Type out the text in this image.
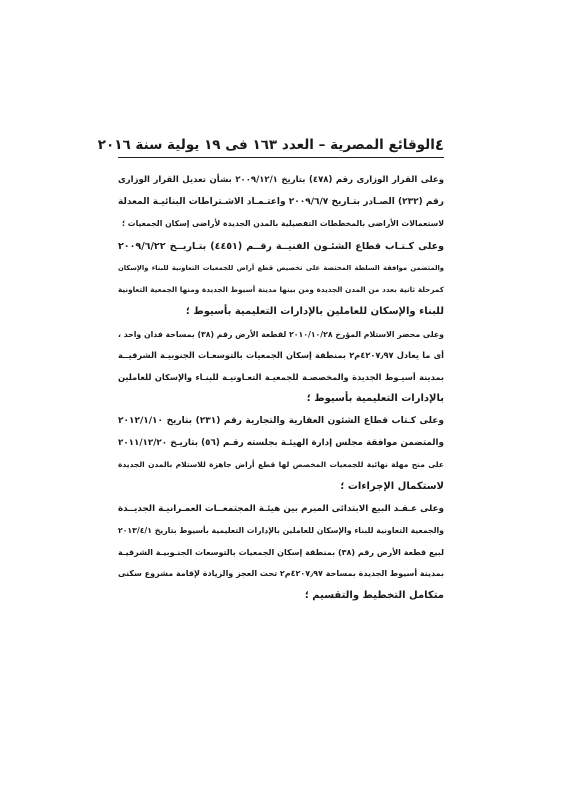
٤
الوقائع المصرية – العدد ١٦٣ فى ١٩ يولية سنة ٢٠١٦

وعلى القرار الوزارى رقم (٤٧٨) بتاريخ ٢٠٠٩/١٢/١ بشأن تعديل القرار الوزارى
رقم (٢٣٢) الصـادر بتـاريخ ٢٠٠٩/٦/٧ واعتـمـاد الاشـتراطات البنائيـة المعدلة
لاستعمالات الأراضى بالمخططات التفصيلية بالمدن الجديدة لأراضى إسكان الجمعيات ؛

وعلى كـتـاب قطاع الشئـون الفنيــة رقــم (٤٤٥١) بتـاريــخ ٢٠٠٩/٦/٢٢
والمتضمن موافقة السلطة المختصة على تخصيص قطع أراض للجمعيات التعاونية للبناء والإسكان
كمرحلة ثانية بعدد من المدن الجديدة ومن بينها مدينة أسيوط الجديدة ومنها الجمعية التعاونية
للبناء والإسكان للعاملين بالإدارات التعليمية بأسيوط ؛

وعلى محضر الاستلام المؤرخ ٢٠١٠/١٠/٢٨ لقطعة الأرض رقم (٣٨) بمساحة فدان واحد ،
أى ما يعادل ٤٢٠٧٫٩٧م٢ بمنطقة إسكان الجمعيات بالتوسعـات الجنوبيـة الشرقيــة
بمدينة أسيـوط الجديدة والمخصصـة للجمعيـة التعـاونيـة للبنـاء والإسكان للعاملين
بالإدارات التعليمية بأسيوط ؛

وعلى كـتاب قطاع الشئون العقارية والتجارية رقم (٢٣١) بتاريخ ٢٠١٢/١/١٠
والمتضمن موافقة مجلس إدارة الهيئـة بجلسته رقـم (٥٦) بتاريـخ ٢٠١١/١٢/٢٠
على منح مهلة نهائية للجمعيات المخصص لها قطع أراض جاهزة للاستلام بالمدن الجديدة
لاستكمال الإجراءات ؛

وعلى عـقـد البيع الابتدائى المبرم بين هيئـة المجتمعــات العمـرانيـة الجديــدة
والجمعية التعاونية للبناء والإسكان للعاملين بالإدارات التعليمية بأسيوط بتاريخ ٢٠١٣/٤/١
لبيع قطعة الأرض رقم (٣٨) بمنطقة إسكان الجمعيات بالتوسعات الجنـوبيـة الشرقيـة
بمدينة أسيوط الجديدة بمساحة ٤٢٠٧٫٩٧م٢ تحت العجز والزيادة لإقامة مشروع سكنى
متكامل التخطيط والتقسيم ؛
